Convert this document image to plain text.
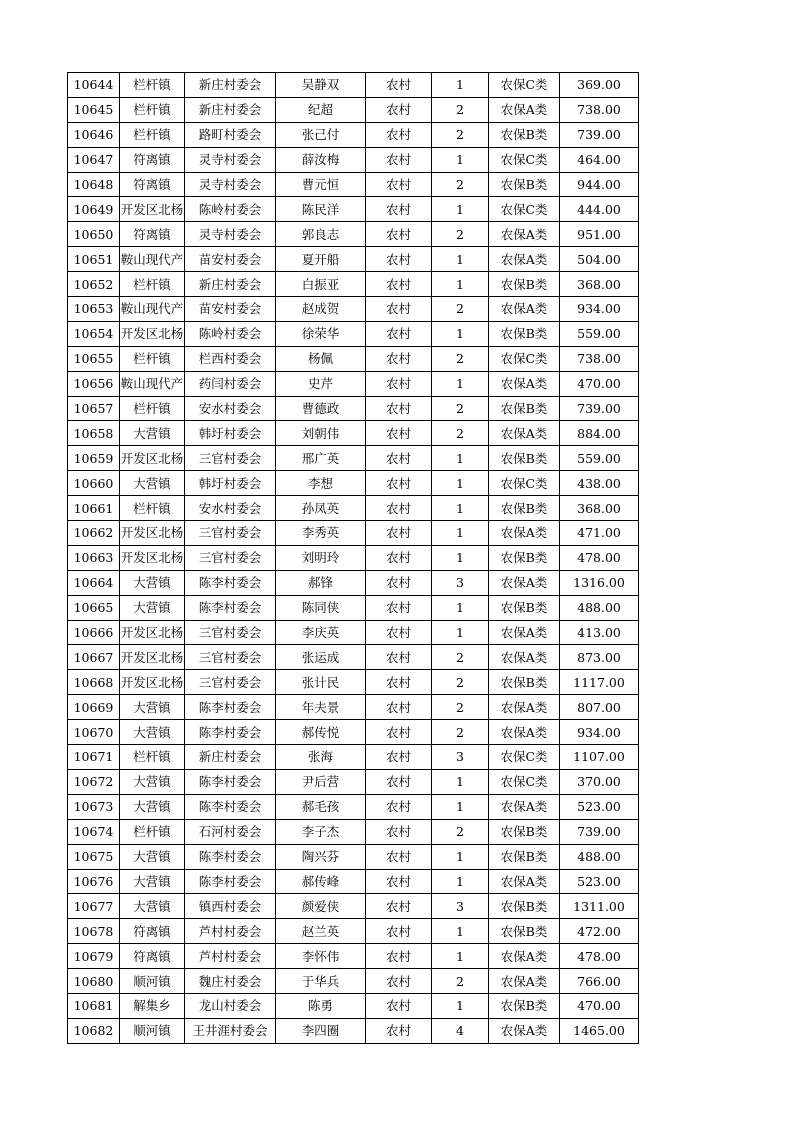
10644	栏杆镇	新庄村委会	吴静双	农村	1	农保C类	369.00
10645	栏杆镇	新庄村委会	纪超	农村	2	农保A类	738.00
10646	栏杆镇	路町村委会	张己付	农村	2	农保B类	739.00
10647	符离镇	灵寺村委会	薛汝梅	农村	1	农保C类	464.00
10648	符离镇	灵寺村委会	曹元恒	农村	2	农保B类	944.00
10649	开发区北杨	陈岭村委会	陈民洋	农村	1	农保C类	444.00
10650	符离镇	灵寺村委会	郭良志	农村	2	农保A类	951.00
10651	鞍山现代产	苗安村委会	夏开船	农村	1	农保A类	504.00
10652	栏杆镇	新庄村委会	白振亚	农村	1	农保B类	368.00
10653	鞍山现代产	苗安村委会	赵成贺	农村	2	农保A类	934.00
10654	开发区北杨	陈岭村委会	徐荣华	农村	1	农保B类	559.00
10655	栏杆镇	栏西村委会	杨佩	农村	2	农保C类	738.00
10656	鞍山现代产	药闫村委会	史芹	农村	1	农保A类	470.00
10657	栏杆镇	安水村委会	曹德政	农村	2	农保B类	739.00
10658	大营镇	韩圩村委会	刘朝伟	农村	2	农保A类	884.00
10659	开发区北杨	三官村委会	邢广英	农村	1	农保B类	559.00
10660	大营镇	韩圩村委会	李想	农村	1	农保C类	438.00
10661	栏杆镇	安水村委会	孙凤英	农村	1	农保B类	368.00
10662	开发区北杨	三官村委会	李秀英	农村	1	农保A类	471.00
10663	开发区北杨	三官村委会	刘明玲	农村	1	农保B类	478.00
10664	大营镇	陈李村委会	郝锋	农村	3	农保A类	1316.00
10665	大营镇	陈李村委会	陈同侠	农村	1	农保B类	488.00
10666	开发区北杨	三官村委会	李庆英	农村	1	农保A类	413.00
10667	开发区北杨	三官村委会	张运成	农村	2	农保A类	873.00
10668	开发区北杨	三官村委会	张计民	农村	2	农保B类	1117.00
10669	大营镇	陈李村委会	年夫景	农村	2	农保A类	807.00
10670	大营镇	陈李村委会	郝传悦	农村	2	农保A类	934.00
10671	栏杆镇	新庄村委会	张海	农村	3	农保C类	1107.00
10672	大营镇	陈李村委会	尹后营	农村	1	农保C类	370.00
10673	大营镇	陈李村委会	郝毛孩	农村	1	农保A类	523.00
10674	栏杆镇	石河村委会	李子杰	农村	2	农保B类	739.00
10675	大营镇	陈李村委会	陶兴芬	农村	1	农保B类	488.00
10676	大营镇	陈李村委会	郝传峰	农村	1	农保A类	523.00
10677	大营镇	镇西村委会	颜爱侠	农村	3	农保B类	1311.00
10678	符离镇	芦村村委会	赵兰英	农村	1	农保B类	472.00
10679	符离镇	芦村村委会	李怀伟	农村	1	农保A类	478.00
10680	顺河镇	魏庄村委会	于华兵	农村	2	农保A类	766.00
10681	解集乡	龙山村委会	陈勇	农村	1	农保B类	470.00
10682	顺河镇	王井涯村委会	李四圈	农村	4	农保A类	1465.00
